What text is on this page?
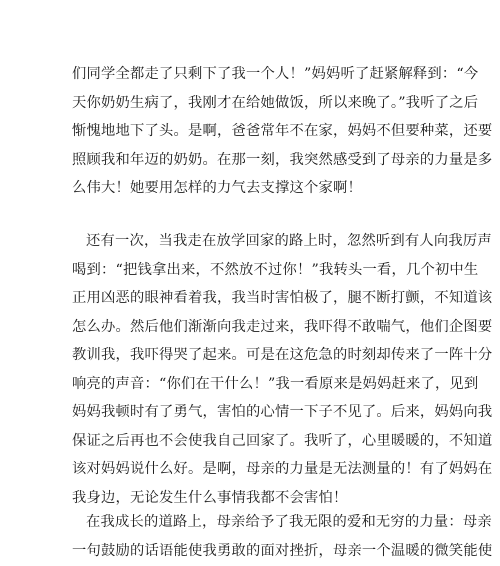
们同学全都走了只剩下了我一个人！”妈妈听了赶紧解释到：“今
天你奶奶生病了，我刚才在给她做饭，所以来晚了。”我听了之后
惭愧地地下了头。是啊，爸爸常年不在家，妈妈不但要种菜，还要
照顾我和年迈的奶奶。在那一刻，我突然感受到了母亲的力量是多
么伟大！她要用怎样的力气去支撑这个家啊！
还有一次，当我走在放学回家的路上时，忽然听到有人向我厉声
喝到：“把钱拿出来，不然放不过你！”我转头一看，几个初中生
正用凶恶的眼神看着我，我当时害怕极了，腿不断打颤，不知道该
怎么办。然后他们渐渐向我走过来，我吓得不敢喘气，他们企图要
教训我，我吓得哭了起来。可是在这危急的时刻却传来了一阵十分
响亮的声音：“你们在干什么！”我一看原来是妈妈赶来了，见到
妈妈我顿时有了勇气，害怕的心情一下子不见了。后来，妈妈向我
保证之后再也不会使我自己回家了。我听了，心里暖暖的，不知道
该对妈妈说什么好。是啊，母亲的力量是无法测量的！有了妈妈在
我身边，无论发生什么事情我都不会害怕！
在我成长的道路上，母亲给予了我无限的爱和无穷的力量：母亲
一句鼓励的话语能使我勇敢的面对挫折，母亲一个温暖的微笑能使
